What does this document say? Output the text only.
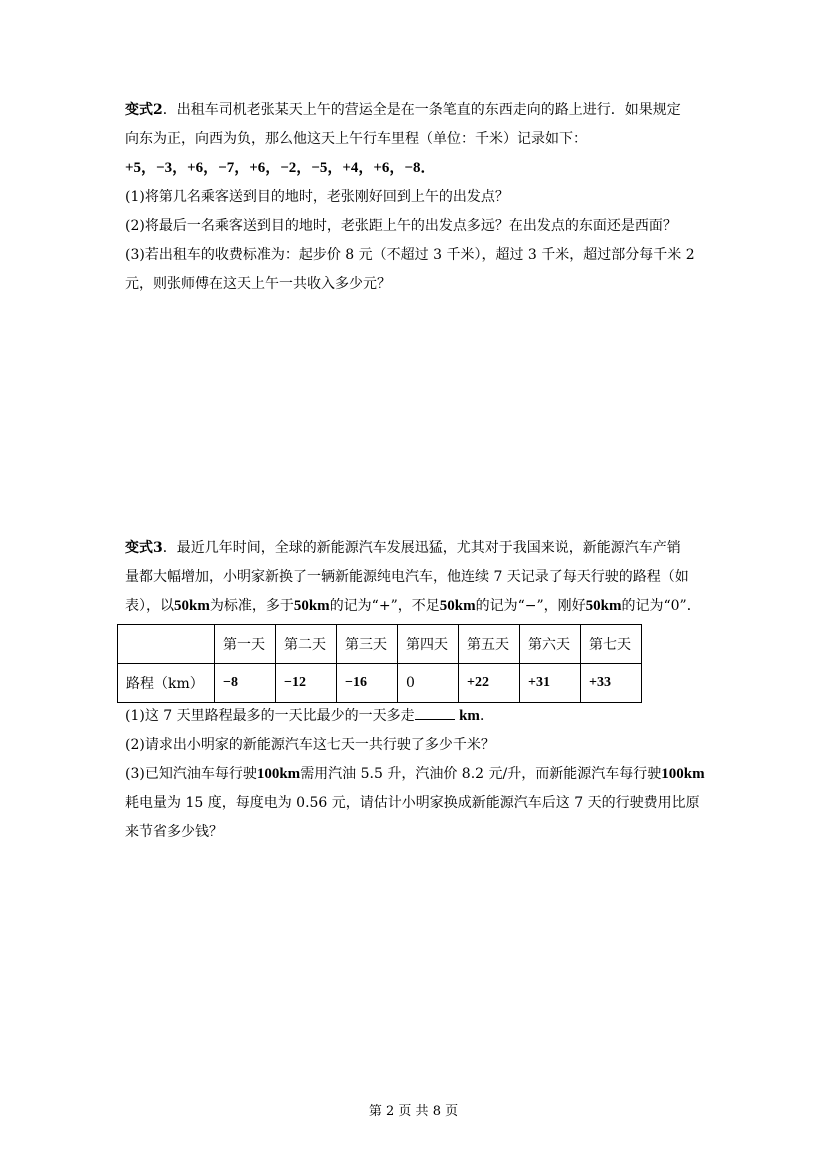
变式2．出租车司机老张某天上午的营运全是在一条笔直的东西走向的路上进行．如果规定
向东为正，向西为负，那么他这天上午行车里程（单位：千米）记录如下：
+5，−3，+6，−7，+6，−2，−5，+4，+6，−8．
(1)将第几名乘客送到目的地时，老张刚好回到上午的出发点？
(2)将最后一名乘客送到目的地时，老张距上午的出发点多远？在出发点的东面还是西面？
(3)若出租车的收费标准为：起步价 8 元（不超过 3 千米），超过 3 千米，超过部分每千米 2
元，则张师傅在这天上午一共收入多少元？
变式3．最近几年时间，全球的新能源汽车发展迅猛，尤其对于我国来说，新能源汽车产销
量都大幅增加，小明家新换了一辆新能源纯电汽车，他连续 7 天记录了每天行驶的路程（如
表），以50km为标准，多于50km的记为“+”，不足50km的记为“−”，刚好50km的记为“0”．
	第一天	第二天	第三天	第四天	第五天	第六天	第七天
路程（km）	−8	−12	−16	0	+22	+31	+33
(1)这 7 天里路程最多的一天比最少的一天多走	km．
(2)请求出小明家的新能源汽车这七天一共行驶了多少千米？
(3)已知汽油车每行驶100km需用汽油 5.5 升，汽油价 8.2 元/升，而新能源汽车每行驶100km
耗电量为 15 度，每度电为 0.56 元，请估计小明家换成新能源汽车后这 7 天的行驶费用比原
来节省多少钱？
第 2 页 共 8 页
